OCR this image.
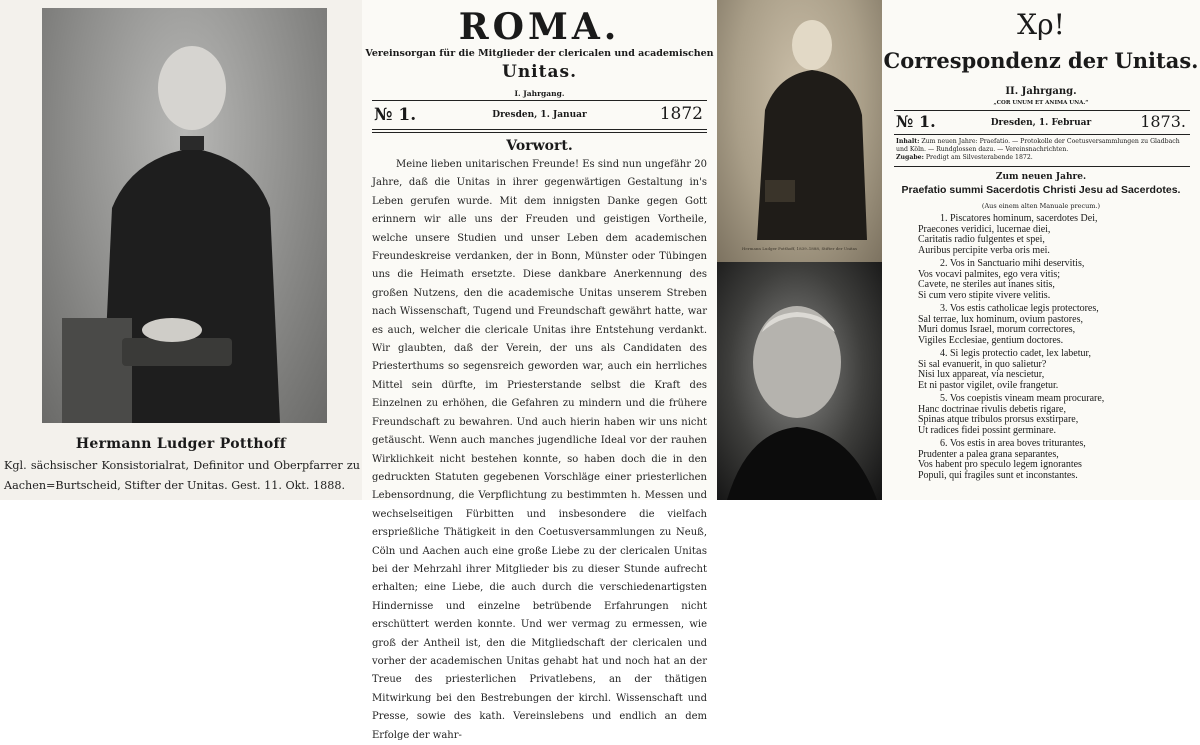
Hermann Ludger Potthoff
Kgl. sächsischer Konsistorialrat, Definitor und Oberpfarrer zu Aachen=Burtscheid, Stifter der Unitas. Gest. 11. Okt. 1888.
ROMA.
Vereinsorgan für die Mitglieder der clericalen und academischen
Unitas.
I. Jahrgang.
№ 1.	Dresden, 1. Januar	1872
Vorwort.
Meine lieben unitarischen Freunde! Es sind nun ungefähr 20 Jahre, daß die Unitas in ihrer gegenwärtigen Gestaltung in's Leben gerufen wurde. Mit dem innigsten Danke gegen Gott erinnern wir alle uns der Freuden und geistigen Vortheile, welche unsere Studien und unser Leben dem academischen Freundeskreise verdanken, der in Bonn, Münster oder Tübingen uns die Heimath ersetzte. Diese dankbare Anerkennung des großen Nutzens, den die academische Unitas unserem Streben nach Wissenschaft, Tugend und Freundschaft gewährt hatte, war es auch, welcher die clericale Unitas ihre Entstehung verdankt. Wir glaubten, daß der Verein, der uns als Candidaten des Priesterthums so segensreich geworden war, auch ein herrliches Mittel sein dürfte, im Priesterstande selbst die Kraft des Einzelnen zu erhöhen, die Gefahren zu mindern und die frühere Freundschaft zu bewahren. Und auch hierin haben wir uns nicht getäuscht. Wenn auch manches jugendliche Ideal vor der rauhen Wirklichkeit nicht bestehen konnte, so haben doch die in den gedruckten Statuten gegebenen Vorschläge einer priesterlichen Lebensordnung, die Verpflichtung zu bestimmten h. Messen und wechselseitigen Fürbitten und insbesondere die vielfach ersprießliche Thätigkeit in den Coetusversammlungen zu Neuß, Cöln und Aachen auch eine große Liebe zu der clericalen Unitas bei der Mehrzahl ihrer Mitglieder bis zu dieser Stunde aufrecht erhalten; eine Liebe, die auch durch die verschiedenartigsten Hindernisse und einzelne betrübende Erfahrungen nicht erschüttert werden konnte. Und wer vermag zu ermessen, wie groß der Antheil ist, den die Mitgliedschaft der clericalen und vorher der academischen Unitas gehabt hat und noch hat an der Treue des priesterlichen Privatlebens, an der thätigen Mitwirkung bei den Bestrebungen der kirchl. Wissenschaft und Presse, sowie des kath. Vereinslebens und endlich an dem Erfolge der wahr-
Hermann Ludger Potthoff, 1839–1888, Stifter der Unitas
Χρ!
Correspondenz der Unitas.
II. Jahrgang.
„COR UNUM ET ANIMA UNA.“
№ 1.	Dresden, 1. Februar	1873.
Inhalt: Zum neuen Jahre: Praefatio. — Protokolle der Coetusversammlungen zu Gladbach und Köln. — Rundglossen dazu. — Vereinsnachrichten.
Zugabe: Predigt am Silvesterabende 1872.
Zum neuen Jahre.
Praefatio summi Sacerdotis Christi Jesu ad Sacerdotes.
(Aus einem alten Manuale precum.)
1. Piscatores hominum, sacerdotes Dei,
Praecones veridici, lucernae diei,
Caritatis radio fulgentes et spei,
Auribus percipite verba oris mei.
2. Vos in Sanctuario mihi deservitis,
Vos vocavi palmites, ego vera vitis;
Cavete, ne steriles aut inanes sitis,
Si cum vero stipite vivere velitis.
3. Vos estis catholicae legis protectores,
Sal terrae, lux hominum, ovium pastores,
Muri domus Israel, morum correctores,
Vigiles Ecclesiae, gentium doctores.
4. Si legis protectio cadet, lex labetur,
Si sal evanuerit, in quo salietur?
Nisi lux appareat, via nescietur,
Et ni pastor vigilet, ovile frangetur.
5. Vos coepistis vineam meam procurare,
Hanc doctrinae rivulis debetis rigare,
Spinas atque tribulos prorsus exstirpare,
Ut radices fidei possint germinare.
6. Vos estis in area boves triturantes,
Prudenter a palea grana separantes,
Vos habent pro speculo legem ignorantes
Populi, qui fragiles sunt et inconstantes.
